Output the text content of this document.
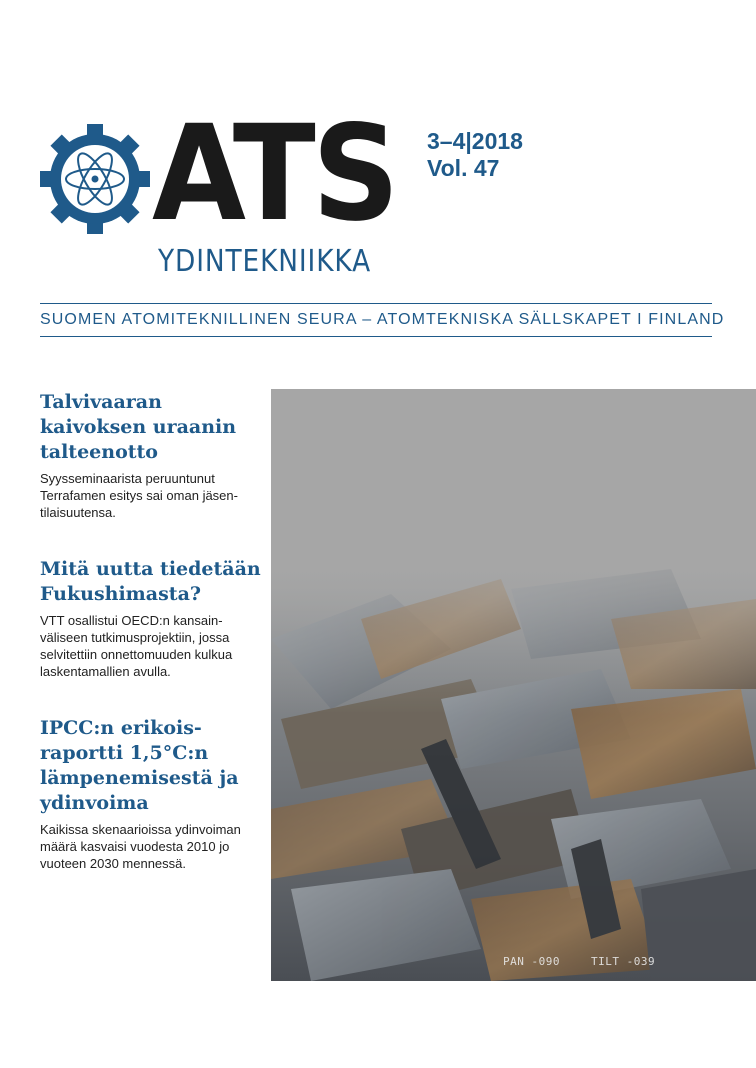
ATS
YDINTEKNIIKKA
3–4|2018
Vol. 47
SUOMEN ATOMITEKNILLINEN SEURA – ATOMTEKNISKA SÄLLSKAPET I FINLAND
Talvivaaran kaivoksen uraanin talteenotto

Syysseminaarista peruuntunut Terrafamen esitys sai oman jäsen-tilaisuutensa.

Mitä uutta tiedetään Fukushimasta?

VTT osallistui OECD:n kansain-väliseen tutkimusprojektiin, jossa selvitettiin onnettomuuden kulkua laskentamallien avulla.

IPCC:n erikois-raportti 1,5°C:n lämpenemisestä ja ydinvoima

Kaikissa skenaarioissa ydinvoiman määrä kasvaisi vuodesta 2010 jo vuoteen 2030 mennessä.

PAN -090	TILT -039
